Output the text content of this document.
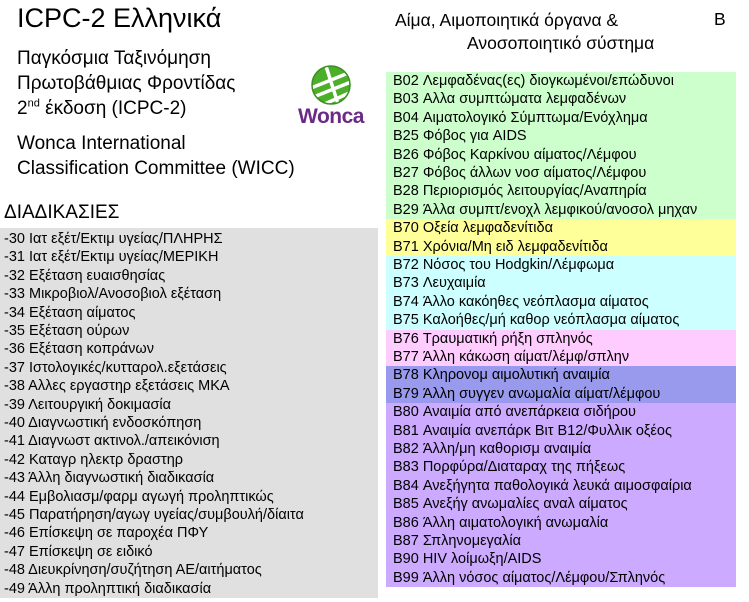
ICPC-2 Ελληνικά
Παγκόσμια Ταξινόμηση
Πρωτοβάθμιας Φροντίδας
2nd έκδοση (ICPC-2)	Wonca
Wonca International
Classification Committee (WICC)
ΔΙΑΔΙΚΑΣΙΕΣ
-30 Ιατ εξέτ/Εκτιμ υγείας/ΠΛΗΡΗΣ
-31 Ιατ εξέτ/Εκτιμ υγείας/ΜΕΡΙΚΗ
-32 Εξέταση ευαισθησίας
-33 Μικροβιολ/Ανοσοβιολ εξέταση
-34 Εξέταση αίματος
-35 Εξέταση ούρων
-36 Εξέταση κοπράνων
-37 Ιστολογικές/κυτταρολ.εξετάσεις
-38 Αλλες εργαστηρ εξετάσεις ΜΚΑ
-39 Λειτουργική δοκιμασία
-40 Διαγνωστική ενδοσκόπηση
-41 Διαγνωστ ακτινολ./απεικόνιση
-42 Καταγρ ηλεκτρ δραστηρ
-43 Άλλη διαγνωστική διαδικασία
-44 Εμβολιασμ/φαρμ αγωγή προληπτικώς
-45 Παρατήρηση/αγωγ υγείας/συμβουλή/δίαιτα
-46 Επίσκεψη σε παροχέα ΠΦΥ
-47 Επίσκεψη σε ειδικό
-48 Διευκρίνηση/συζήτηση ΑΕ/αιτήματος
-49 Άλλη προληπτική διαδικασία
Αίμα, Αιμοποιητικά όργανα &
Ανοσοποιητικό σύστημα
B
B02 Λεμφαδένας(ες) διογκωμένοι/επώδυνοι
B03 Αλλα συμπτώματα λεμφαδένων
B04 Αιματολογικό Σύμπτωμα/Ενόχλημα
B25 Φόβος για AIDS
B26 Φόβος Καρκίνου αίματος/Λέμφου
B27 Φόβος άλλων νοσ αίματος/Λέμφου
B28 Περιορισμός λειτουργίας/Αναπηρία
B29 Άλλα συμπτ/ενοχλ λεμφικού/ανοσολ μηχαν
B70 Οξεία λεμφαδενίτιδα
B71 Χρόνια/Μη ειδ λεμφαδενίτιδα
B72 Νόσος του Hodgkin/Λέμφωμα
B73 Λευχαιμία
B74 Άλλο κακόηθες νεόπλασμα αίματος
B75 Καλοήθες/μή καθορ νεόπλασμα αίματος
B76 Τραυματική ρήξη σπληνός
B77 Άλλη κάκωση αίματ/λέμφ/σπλην
B78 Κληρονομ αιμολυτική αναιμία
B79 Άλλη συγγεν ανωμαλία αίματ/λέμφου
B80 Αναιμία από ανεπάρκεια σιδήρου
B81 Αναιμία ανεπάρκ Βιτ B12/Φυλλικ οξέος
B82 Άλλη/μη καθορισμ αναιμία
B83 Πορφύρα/Διαταραχ της πήξεως
B84 Ανεξήγητα παθολογικά λευκά αιμοσφαίρια
B85 Ανεξήγ ανωμαλίες αναλ αίματος
B86 Άλλη αιματολογική ανωμαλία
B87 Σπληνομεγαλία
B90 HIV λοίμωξη/AIDS
B99 Άλλη νόσος αίματος/Λέμφου/Σπληνός
